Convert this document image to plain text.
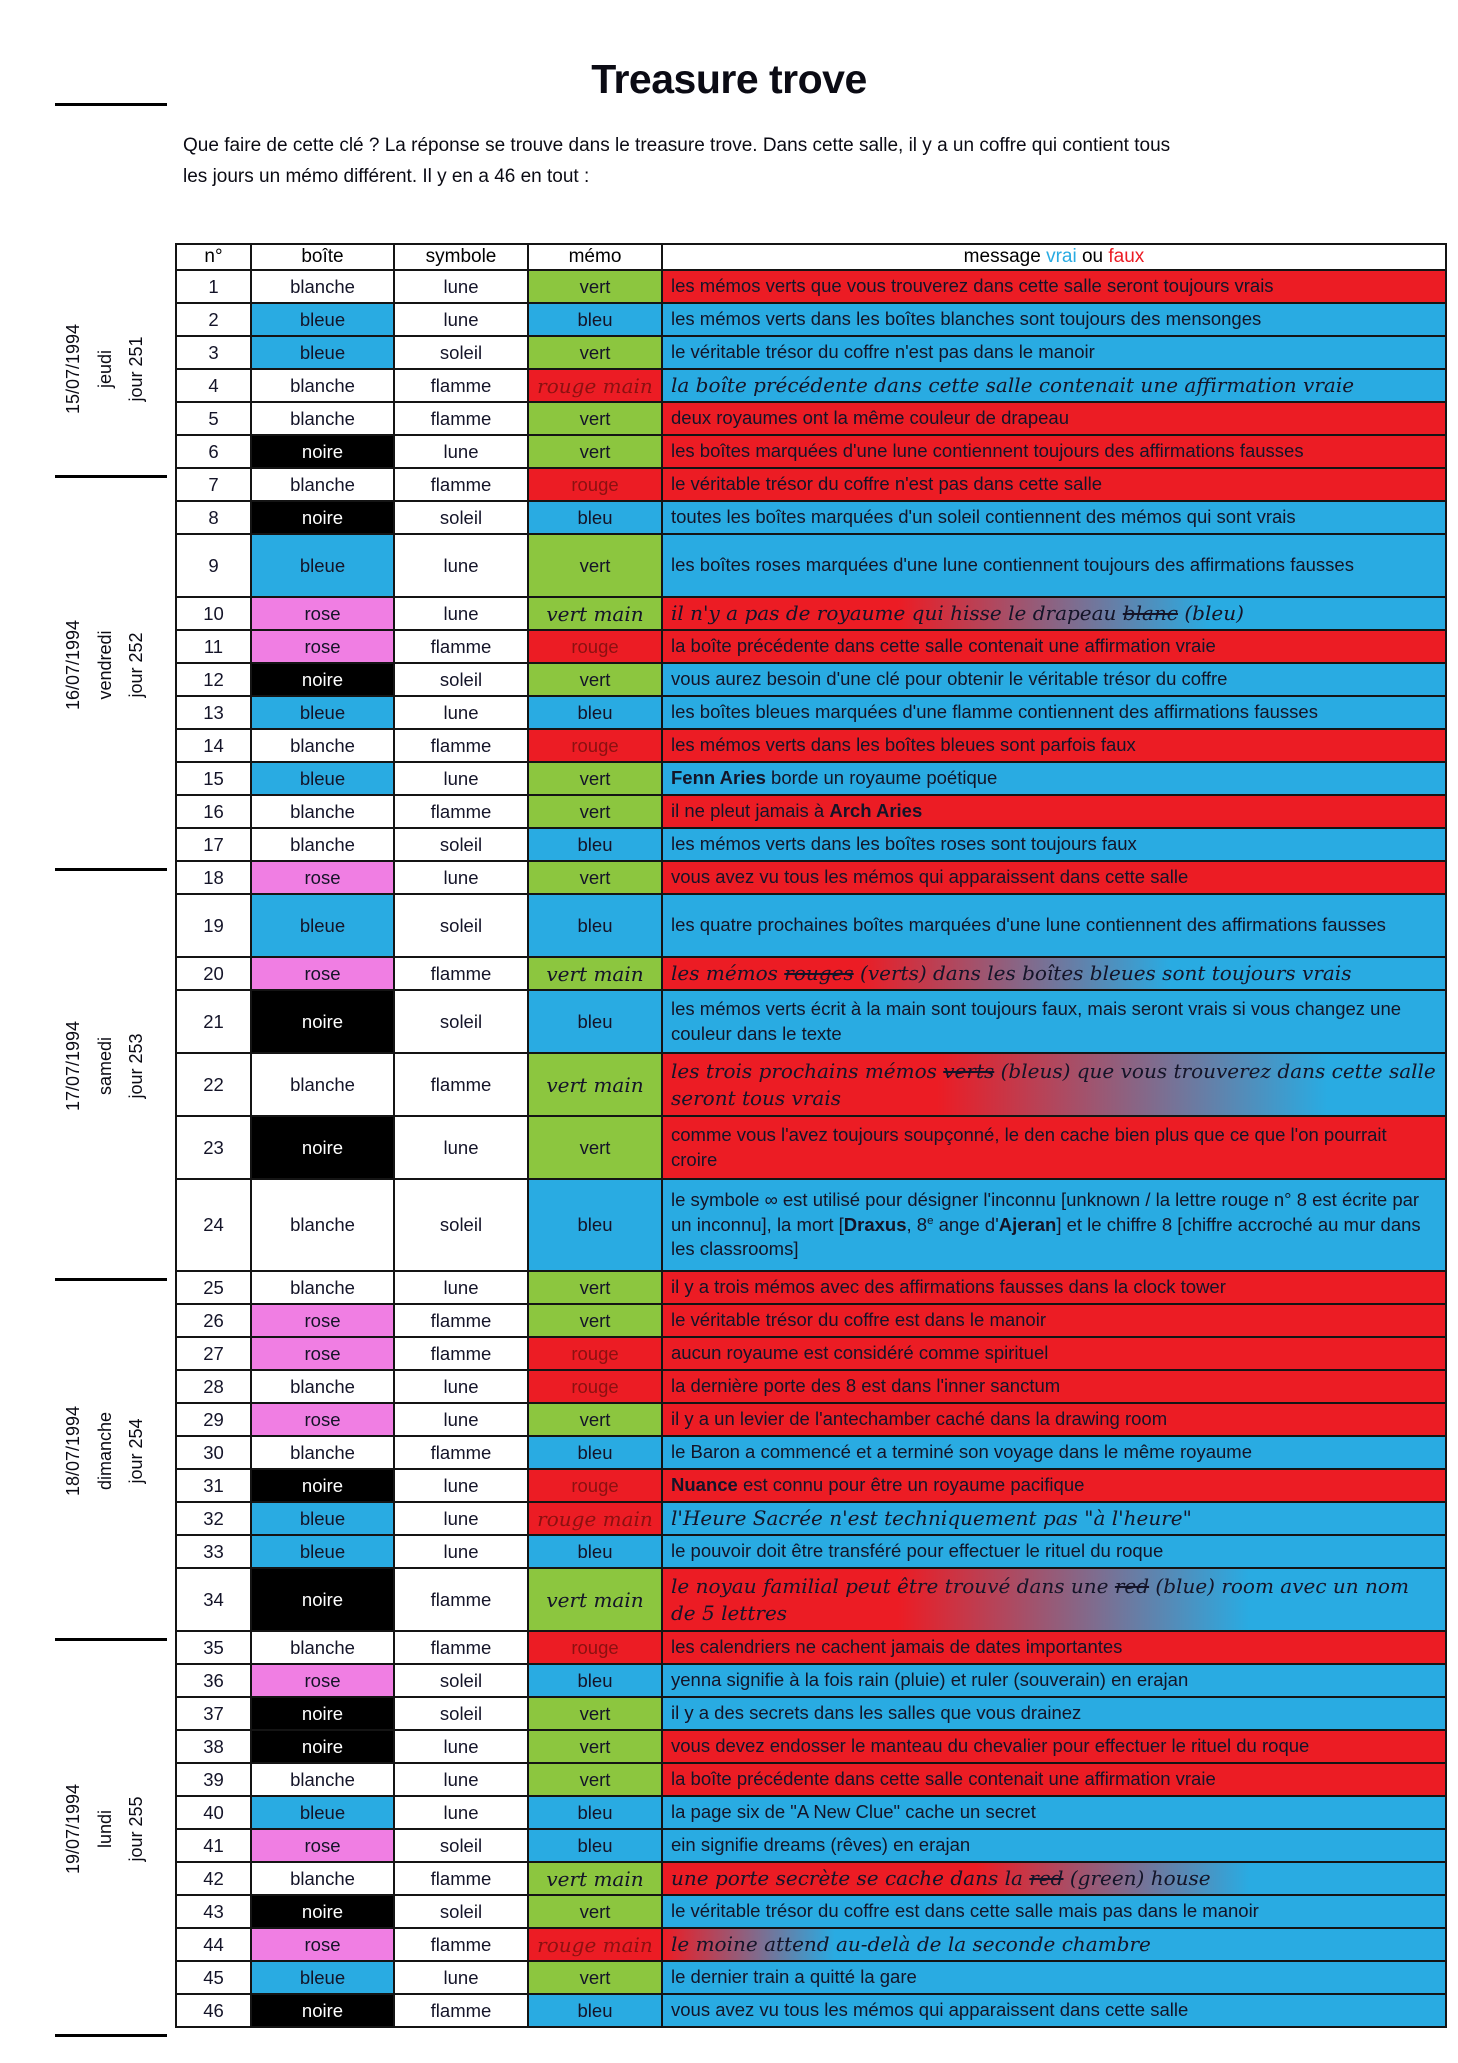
Treasure trove
Que faire de cette clé ? La réponse se trouve dans le treasure trove. Dans cette salle, il y a un coffre qui contient tous
les jours un mémo différent. Il y en a 46 en tout :
n°	boîte	symbole	mémo	message vrai ou faux
1	blanche	lune	vert	les mémos verts que vous trouverez dans cette salle seront toujours vrais
2	bleue	lune	bleu	les mémos verts dans les boîtes blanches sont toujours des mensonges
3	bleue	soleil	vert	le véritable trésor du coffre n'est pas dans le manoir
4	blanche	flamme	rouge main	la boîte précédente dans cette salle contenait une affirmation vraie
5	blanche	flamme	vert	deux royaumes ont la même couleur de drapeau
6	noire	lune	vert	les boîtes marquées d'une lune contiennent toujours des affirmations fausses
7	blanche	flamme	rouge	le véritable trésor du coffre n'est pas dans cette salle
8	noire	soleil	bleu	toutes les boîtes marquées d'un soleil contiennent des mémos qui sont vrais
9	bleue	lune	vert	les boîtes roses marquées d'une lune contiennent toujours des affirmations fausses
10	rose	lune	vert main	il n'y a pas de royaume qui hisse le drapeau blanc (bleu)
11	rose	flamme	rouge	la boîte précédente dans cette salle contenait une affirmation vraie
12	noire	soleil	vert	vous aurez besoin d'une clé pour obtenir le véritable trésor du coffre
13	bleue	lune	bleu	les boîtes bleues marquées d'une flamme contiennent des affirmations fausses
14	blanche	flamme	rouge	les mémos verts dans les boîtes bleues sont parfois faux
15	bleue	lune	vert	Fenn Aries borde un royaume poétique
16	blanche	flamme	vert	il ne pleut jamais à Arch Aries
17	blanche	soleil	bleu	les mémos verts dans les boîtes roses sont toujours faux
18	rose	lune	vert	vous avez vu tous les mémos qui apparaissent dans cette salle
19	bleue	soleil	bleu	les quatre prochaines boîtes marquées d'une lune contiennent des affirmations fausses
20	rose	flamme	vert main	les mémos rouges (verts) dans les boîtes bleues sont toujours vrais
21	noire	soleil	bleu	les mémos verts écrit à la main sont toujours faux, mais seront vrais si vous changez une couleur dans le texte
22	blanche	flamme	vert main	les trois prochains mémos verts (bleus) que vous trouverez dans cette salle seront tous vrais
23	noire	lune	vert	comme vous l'avez toujours soupçonné, le den cache bien plus que ce que l'on pourrait croire
24	blanche	soleil	bleu	le symbole ∞ est utilisé pour désigner l'inconnu [unknown / la lettre rouge n° 8 est écrite par un inconnu], la mort [Draxus, 8e ange d'Ajeran] et le chiffre 8 [chiffre accroché au mur dans les classrooms]
25	blanche	lune	vert	il y a trois mémos avec des affirmations fausses dans la clock tower
26	rose	flamme	vert	le véritable trésor du coffre est dans le manoir
27	rose	flamme	rouge	aucun royaume est considéré comme spirituel
28	blanche	lune	rouge	la dernière porte des 8 est dans l'inner sanctum
29	rose	lune	vert	il y a un levier de l'antechamber caché dans la drawing room
30	blanche	flamme	bleu	le Baron a commencé et a terminé son voyage dans le même royaume
31	noire	lune	rouge	Nuance est connu pour être un royaume pacifique
32	bleue	lune	rouge main	l'Heure Sacrée n'est techniquement pas "à l'heure"
33	bleue	lune	bleu	le pouvoir doit être transféré pour effectuer le rituel du roque
34	noire	flamme	vert main	le noyau familial peut être trouvé dans une red (blue) room avec un nom de 5 lettres
35	blanche	flamme	rouge	les calendriers ne cachent jamais de dates importantes
36	rose	soleil	bleu	yenna signifie à la fois rain (pluie) et ruler (souverain) en erajan
37	noire	soleil	vert	il y a des secrets dans les salles que vous drainez
38	noire	lune	vert	vous devez endosser le manteau du chevalier pour effectuer le rituel du roque
39	blanche	lune	vert	la boîte précédente dans cette salle contenait une affirmation vraie
40	bleue	lune	bleu	la page six de "A New Clue" cache un secret
41	rose	soleil	bleu	ein signifie dreams (rêves) en erajan
42	blanche	flamme	vert main	une porte secrète se cache dans la red (green) house
43	noire	soleil	vert	le véritable trésor du coffre est dans cette salle mais pas dans le manoir
44	rose	flamme	rouge main	le moine attend au-delà de la seconde chambre
45	bleue	lune	vert	le dernier train a quitté la gare
46	noire	flamme	bleu	vous avez vu tous les mémos qui apparaissent dans cette salle
15/07/1994 jeudi jour 251
16/07/1994 vendredi jour 252
17/07/1994 samedi jour 253
18/07/1994 dimanche jour 254
19/07/1994 lundi jour 255
